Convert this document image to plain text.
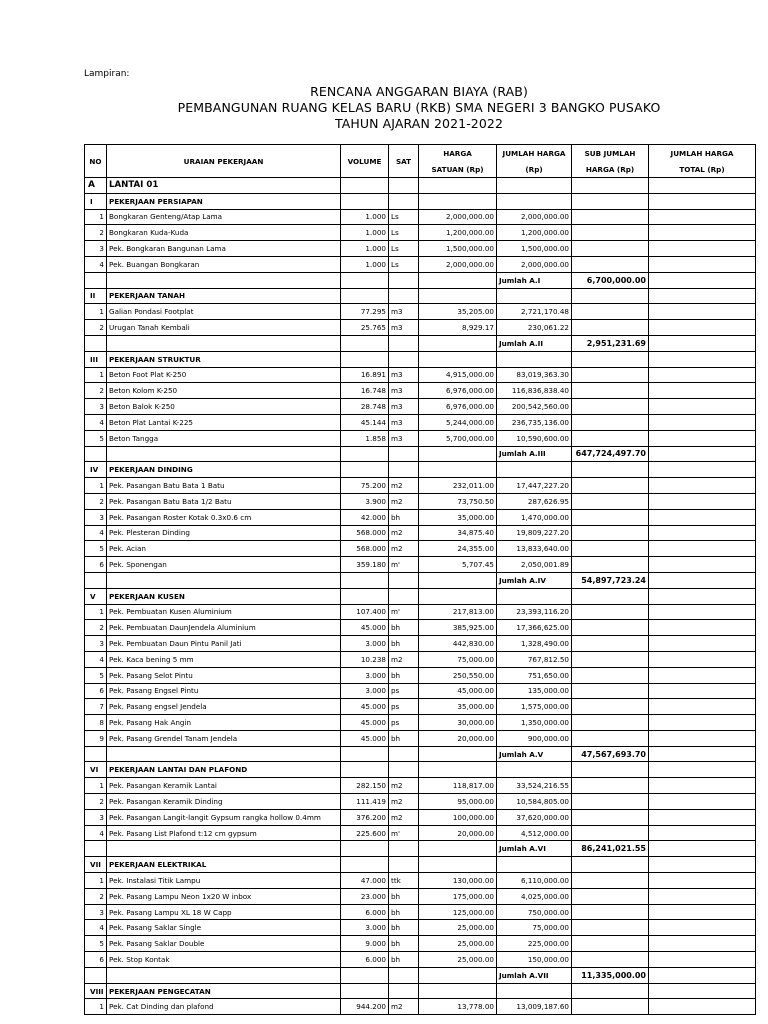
Lampiran:
RENCANA ANGGARAN BIAYA (RAB)
PEMBANGUNAN RUANG KELAS BARU (RKB) SMA NEGERI 3 BANGKO PUSAKO
TAHUN AJARAN 2021-2022
NO	URAIAN PEKERJAAN	VOLUME	SAT	HARGA	JUMLAH HARGA	SUB JUMLAH	JUMLAH HARGA
				SATUAN (Rp)	(Rp)	HARGA (Rp)	TOTAL (Rp)
A	LANTAI 01						
I	PEKERJAAN PERSIAPAN						
1	Bongkaran Genteng/Atap Lama	1.000	Ls	2,000,000.00	2,000,000.00		
2	Bongkaran Kuda-Kuda	1.000	Ls	1,200,000.00	1,200,000.00		
3	Pek. Bongkaran Bangunan Lama	1.000	Ls	1,500,000.00	1,500,000.00		
4	Pek. Buangan Bongkaran	1.000	Ls	2,000,000.00	2,000,000.00		
					Jumlah A.I	6,700,000.00	
II	PEKERJAAN TANAH						
1	Galian Pondasi Footplat	77.295	m3	35,205.00	2,721,170.48		
2	Urugan Tanah Kembali	25.765	m3	8,929.17	230,061.22		
					Jumlah A.II	2,951,231.69	
III	PEKERJAAN STRUKTUR						
1	Beton Foot Plat K-250	16.891	m3	4,915,000.00	83,019,363.30		
2	Beton Kolom K-250	16.748	m3	6,976,000.00	116,836,838.40		
3	Beton Balok K-250	28.748	m3	6,976,000.00	200,542,560.00		
4	Beton Plat Lantai K-225	45.144	m3	5,244,000.00	236,735,136.00		
5	Beton Tangga	1.858	m3	5,700,000.00	10,590,600.00		
					Jumlah A.III	647,724,497.70	
IV	PEKERJAAN DINDING						
1	Pek. Pasangan Batu Bata 1 Batu	75.200	m2	232,011.00	17,447,227.20		
2	Pek. Pasangan Batu Bata 1/2 Batu	3.900	m2	73,750.50	287,626.95		
3	Pek. Pasangan Roster Kotak 0.3x0.6 cm	42.000	bh	35,000.00	1,470,000.00		
4	Pek. Plesteran Dinding	568.000	m2	34,875.40	19,809,227.20		
5	Pek. Acian	568.000	m2	24,355.00	13,833,640.00		
6	Pek. Sponengan	359.180	m'	5,707.45	2,050,001.89		
					Jumlah A.IV	54,897,723.24	
V	PEKERJAAN KUSEN						
1	Pek. Pembuatan Kusen Aluminium	107.400	m'	217,813.00	23,393,116.20		
2	Pek. Pembuatan DaunJendela Aluminium	45.000	bh	385,925.00	17,366,625.00		
3	Pek. Pembuatan Daun Pintu Panil Jati	3.000	bh	442,830.00	1,328,490.00		
4	Pek. Kaca bening 5 mm	10.238	m2	75,000.00	767,812.50		
5	Pek. Pasang Selot Pintu	3.000	bh	250,550.00	751,650.00		
6	Pek. Pasang Engsel Pintu	3.000	ps	45,000.00	135,000.00		
7	Pek. Pasang engsel Jendela	45.000	ps	35,000.00	1,575,000.00		
8	Pek. Pasang Hak Angin	45.000	ps	30,000.00	1,350,000.00		
9	Pek. Pasang Grendel Tanam Jendela	45.000	bh	20,000.00	900,000.00		
					Jumlah A.V	47,567,693.70	
VI	PEKERJAAN LANTAI DAN PLAFOND						
1	Pek. Pasangan Keramik Lantai	282.150	m2	118,817.00	33,524,216.55		
2	Pek. Pasangan Keramik Dinding	111.419	m2	95,000.00	10,584,805.00		
3	Pek. Pasangan Langit-langit Gypsum rangka hollow 0.4mm	376.200	m2	100,000.00	37,620,000.00		
4	Pek. Pasang List Plafond t:12 cm gypsum	225.600	m'	20,000.00	4,512,000.00		
					Jumlah A.VI	86,241,021.55	
VII	PEKERJAAN ELEKTRIKAL						
1	Pek. Instalasi Titik Lampu	47.000	ttk	130,000.00	6,110,000.00		
2	Pek. Pasang Lampu Neon 1x20 W inbox	23.000	bh	175,000.00	4,025,000.00		
3	Pek. Pasang Lampu XL 18 W Capp	6.000	bh	125,000.00	750,000.00		
4	Pek. Pasang Saklar Single	3.000	bh	25,000.00	75,000.00		
5	Pek. Pasang Saklar Double	9.000	bh	25,000.00	225,000.00		
6	Pek. Stop Kontak	6.000	bh	25,000.00	150,000.00		
					Jumlah A.VII	11,335,000.00	
VIII	PEKERJAAN PENGECATAN						
1	Pek. Cat Dinding dan plafond	944.200	m2	13,778.00	13,009,187.60		
